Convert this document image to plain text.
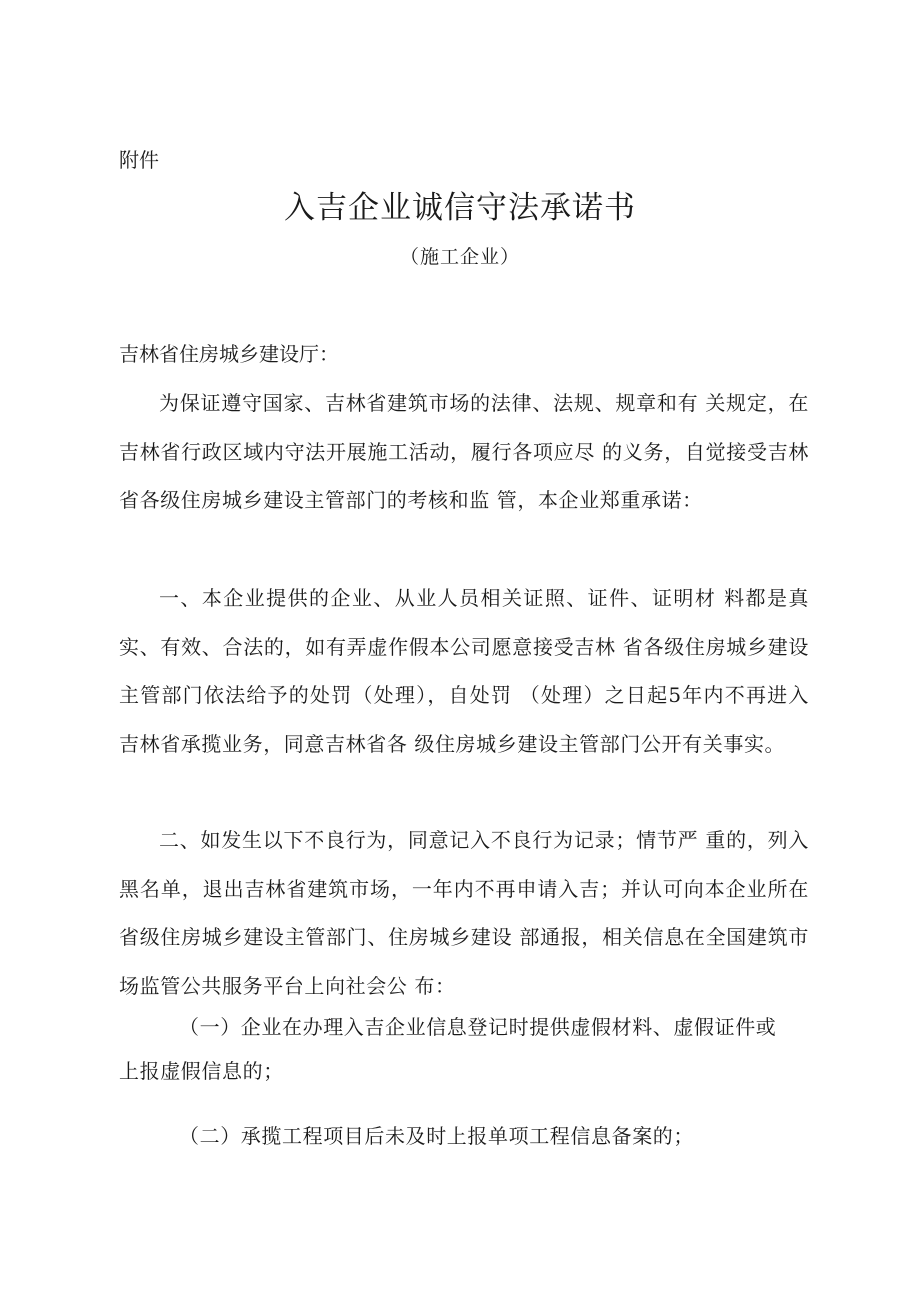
附件
入吉企业诚信守法承诺书
（施工企业）
吉林省住房城乡建设厅：
为保证遵守国家、吉林省建筑市场的法律、法规、规章和有 关规定，在吉林省行政区域内守法开展施工活动，履行各项应尽 的义务，自觉接受吉林省各级住房城乡建设主管部门的考核和监 管，本企业郑重承诺：
一、本企业提供的企业、从业人员相关证照、证件、证明材 料都是真实、有效、合法的，如有弄虚作假本公司愿意接受吉林 省各级住房城乡建设主管部门依法给予的处罚（处理），自处罚 （处理）之日起5年内不再进入吉林省承揽业务，同意吉林省各 级住房城乡建设主管部门公开有关事实。
二、如发生以下不良行为，同意记入不良行为记录；情节严 重的，列入黑名单，退出吉林省建筑市场，一年内不再申请入吉；并认可向本企业所在省级住房城乡建设主管部门、住房城乡建设 部通报，相关信息在全国建筑市场监管公共服务平台上向社会公 布：
（一）企业在办理入吉企业信息登记时提供虚假材料、虚假证件或上报虚假信息的；
（二）承揽工程项目后未及时上报单项工程信息备案的；
